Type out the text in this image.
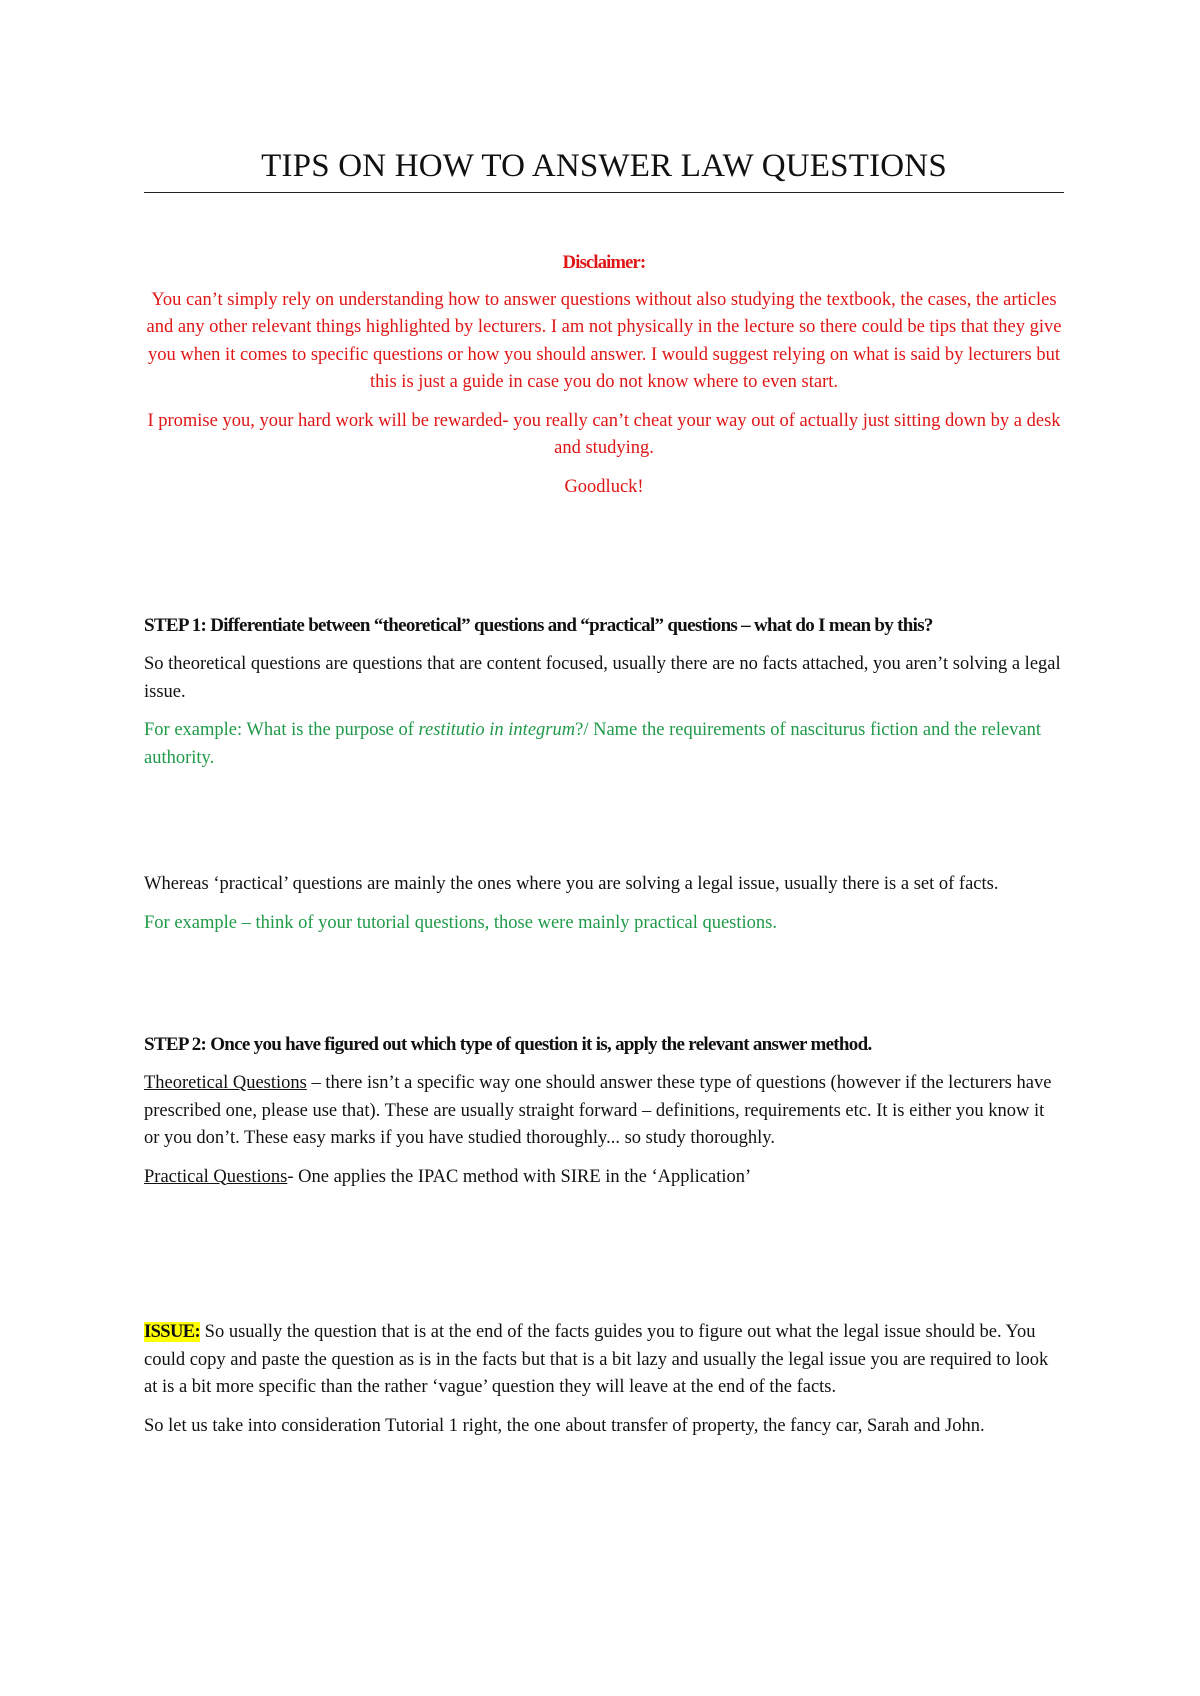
TIPS ON HOW TO ANSWER LAW QUESTIONS

Disclaimer:

You can’t simply rely on understanding how to answer questions without also studying the textbook, the cases, the articles and any other relevant things highlighted by lecturers. I am not physically in the lecture so there could be tips that they give you when it comes to specific questions or how you should answer. I would suggest relying on what is said by lecturers but this is just a guide in case you do not know where to even start.

I promise you, your hard work will be rewarded- you really can’t cheat your way out of actually just sitting down by a desk and studying.

Goodluck!

STEP 1: Differentiate between “theoretical” questions and “practical” questions – what do I mean by this?

So theoretical questions are questions that are content focused, usually there are no facts attached, you aren’t solving a legal issue.

For example: What is the purpose of restitutio in integrum?/ Name the requirements of nasciturus fiction and the relevant authority.

Whereas ‘practical’ questions are mainly the ones where you are solving a legal issue, usually there is a set of facts.

For example – think of your tutorial questions, those were mainly practical questions.

STEP 2: Once you have figured out which type of question it is, apply the relevant answer method.

Theoretical Questions – there isn’t a specific way one should answer these type of questions (however if the lecturers have prescribed one, please use that). These are usually straight forward – definitions, requirements etc. It is either you know it or you don’t. These easy marks if you have studied thoroughly... so study thoroughly.

Practical Questions- One applies the IPAC method with SIRE in the ‘Application’

ISSUE: So usually the question that is at the end of the facts guides you to figure out what the legal issue should be. You could copy and paste the question as is in the facts but that is a bit lazy and usually the legal issue you are required to look at is a bit more specific than the rather ‘vague’ question they will leave at the end of the facts.

So let us take into consideration Tutorial 1 right, the one about transfer of property, the fancy car, Sarah and John.
